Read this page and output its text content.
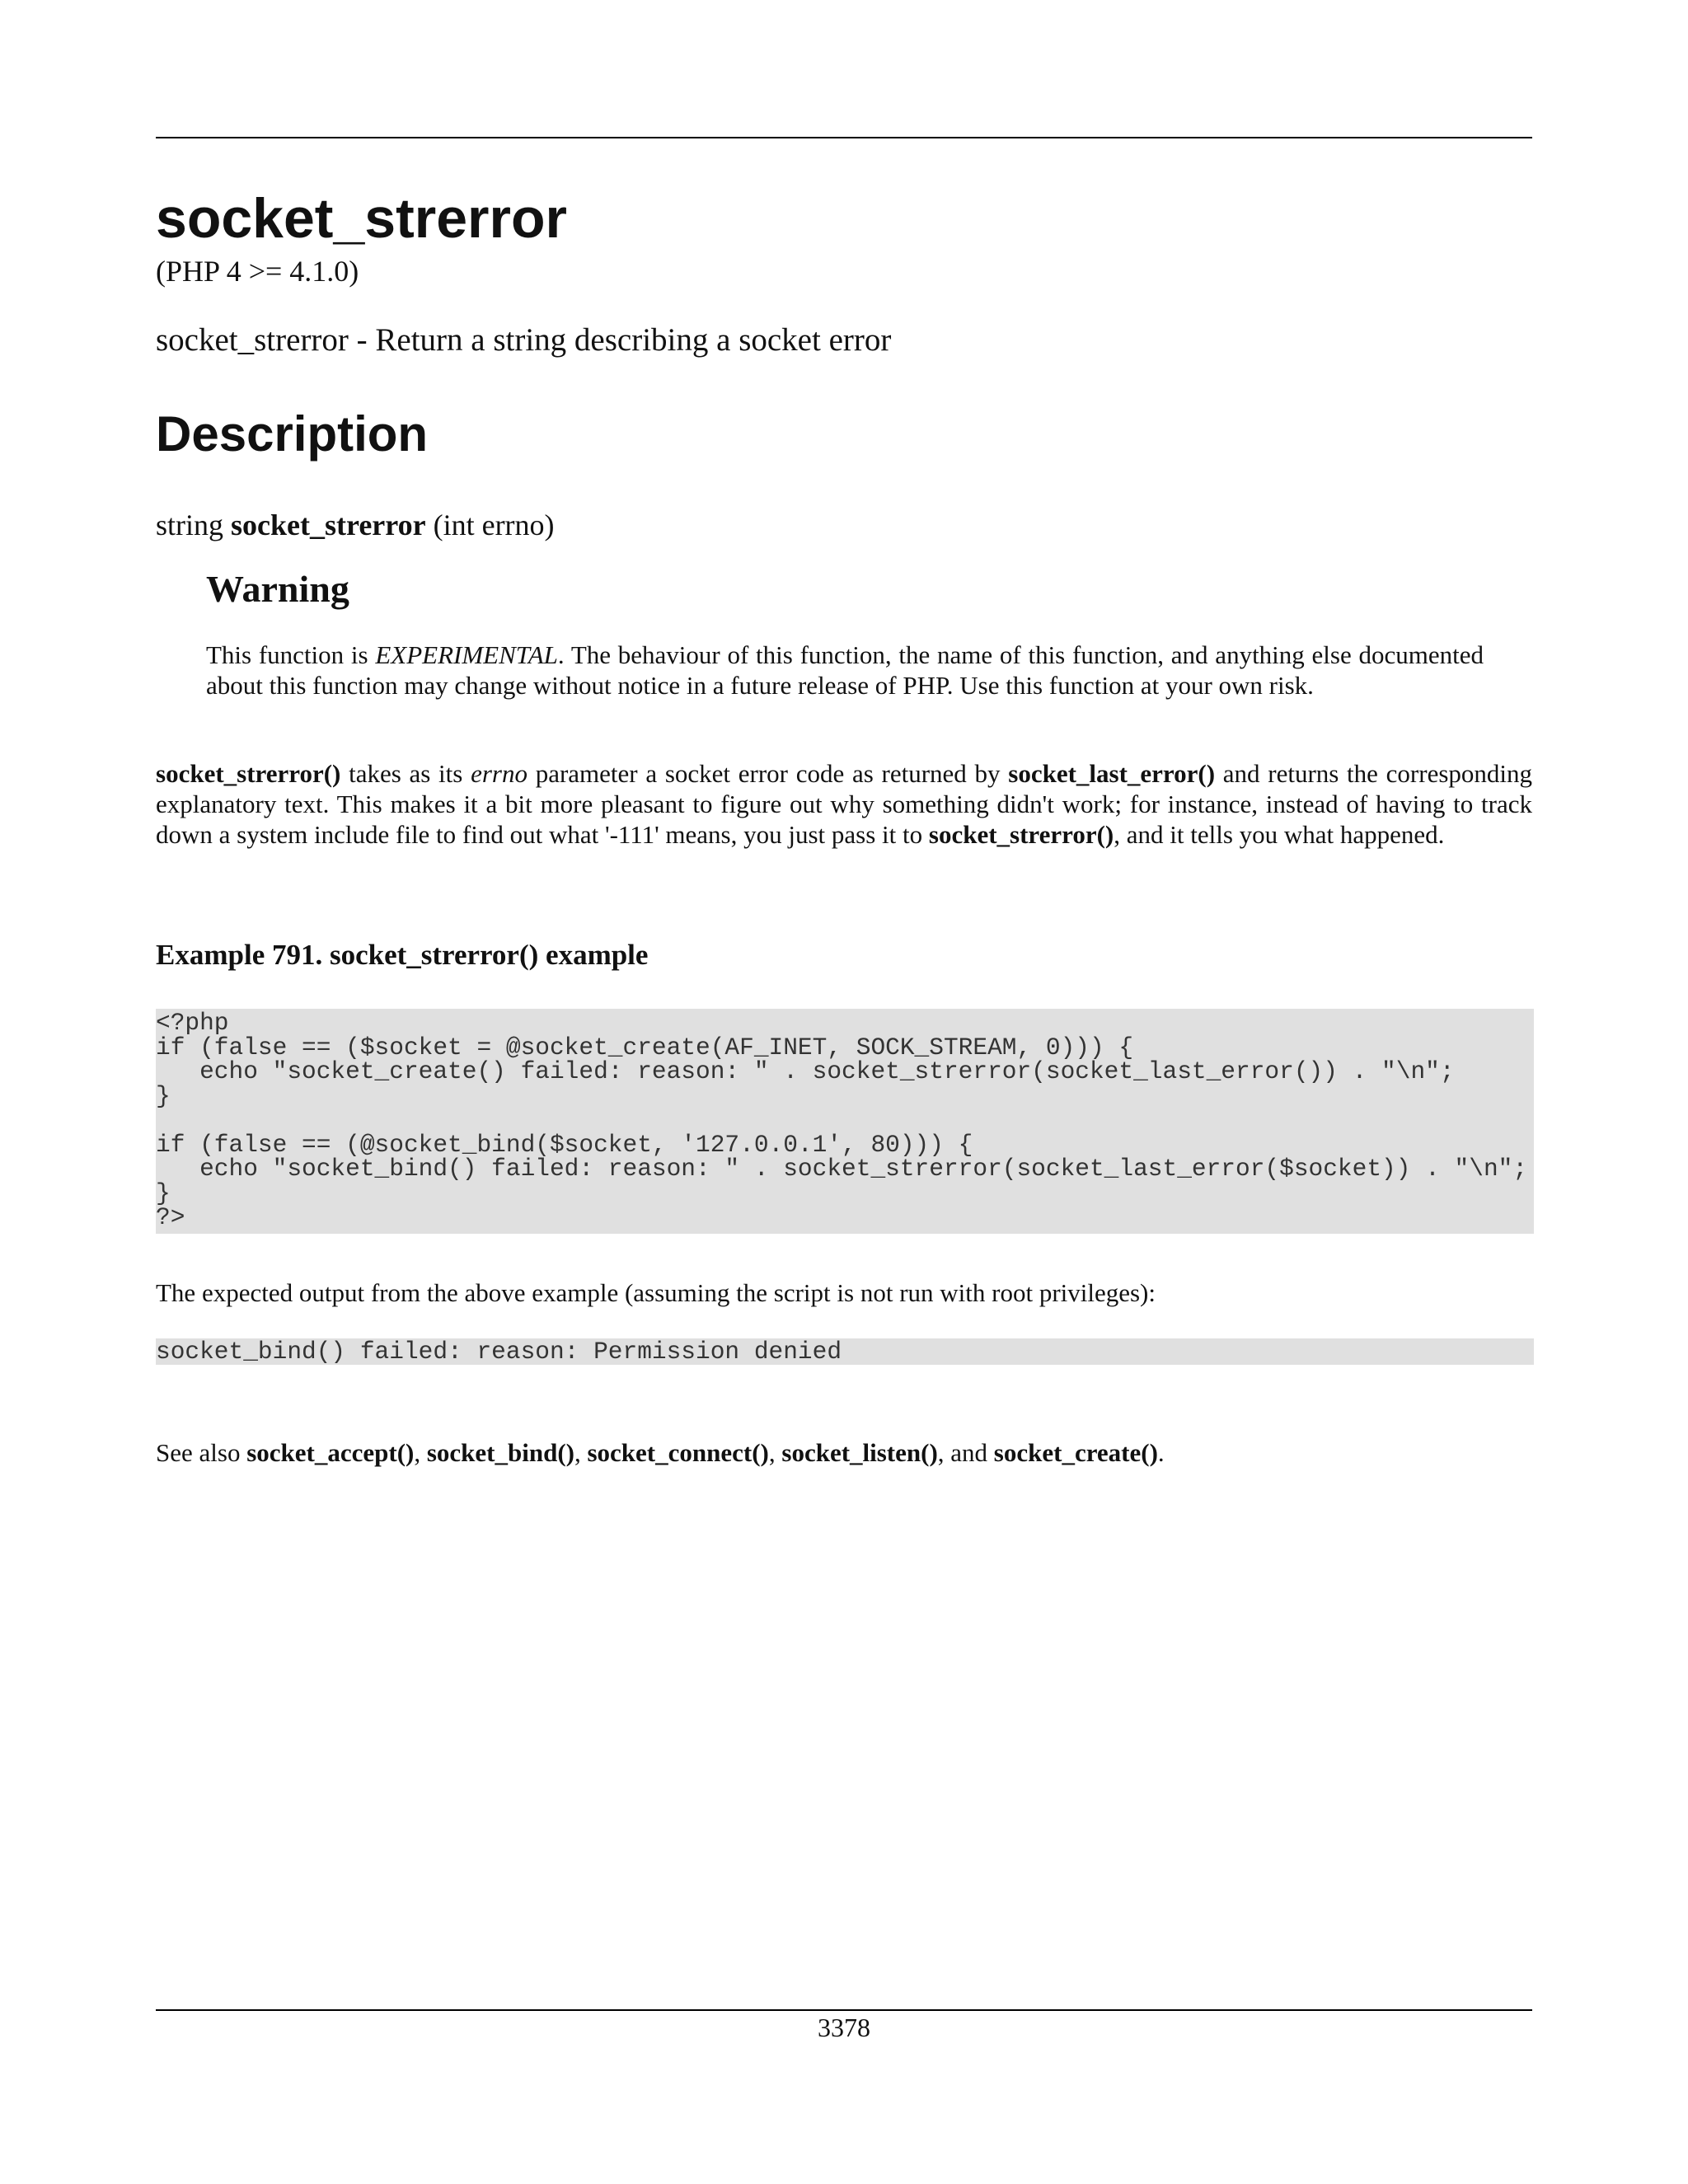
socket_strerror
(PHP 4 >= 4.1.0)
socket_strerror - Return a string describing a socket error
Description
string socket_strerror (int errno)
Warning

This function is EXPERIMENTAL. The behaviour of this function, the name of this function, and anything else documented about this function may change without notice in a future release of PHP. Use this function at your own risk.

socket_strerror() takes as its errno parameter a socket error code as returned by socket_last_error() and returns the corresponding explanatory text. This makes it a bit more pleasant to figure out why something didn't work; for instance, instead of having to track down a system include file to find out what '-111' means, you just pass it to socket_strerror(), and it tells you what happened.

Example 791. socket_strerror() example
<?php
if (false == ($socket = @socket_create(AF_INET, SOCK_STREAM, 0))) {
echo "socket_create() failed: reason: " . socket_strerror(socket_last_error()) . "\n";
}

if (false == (@socket_bind($socket, '127.0.0.1', 80))) {
echo "socket_bind() failed: reason: " . socket_strerror(socket_last_error($socket)) . "\n";
}
?>

The expected output from the above example (assuming the script is not run with root privileges):

socket_bind() failed: reason: Permission denied

See also socket_accept(), socket_bind(), socket_connect(), socket_listen(), and socket_create().

3378
